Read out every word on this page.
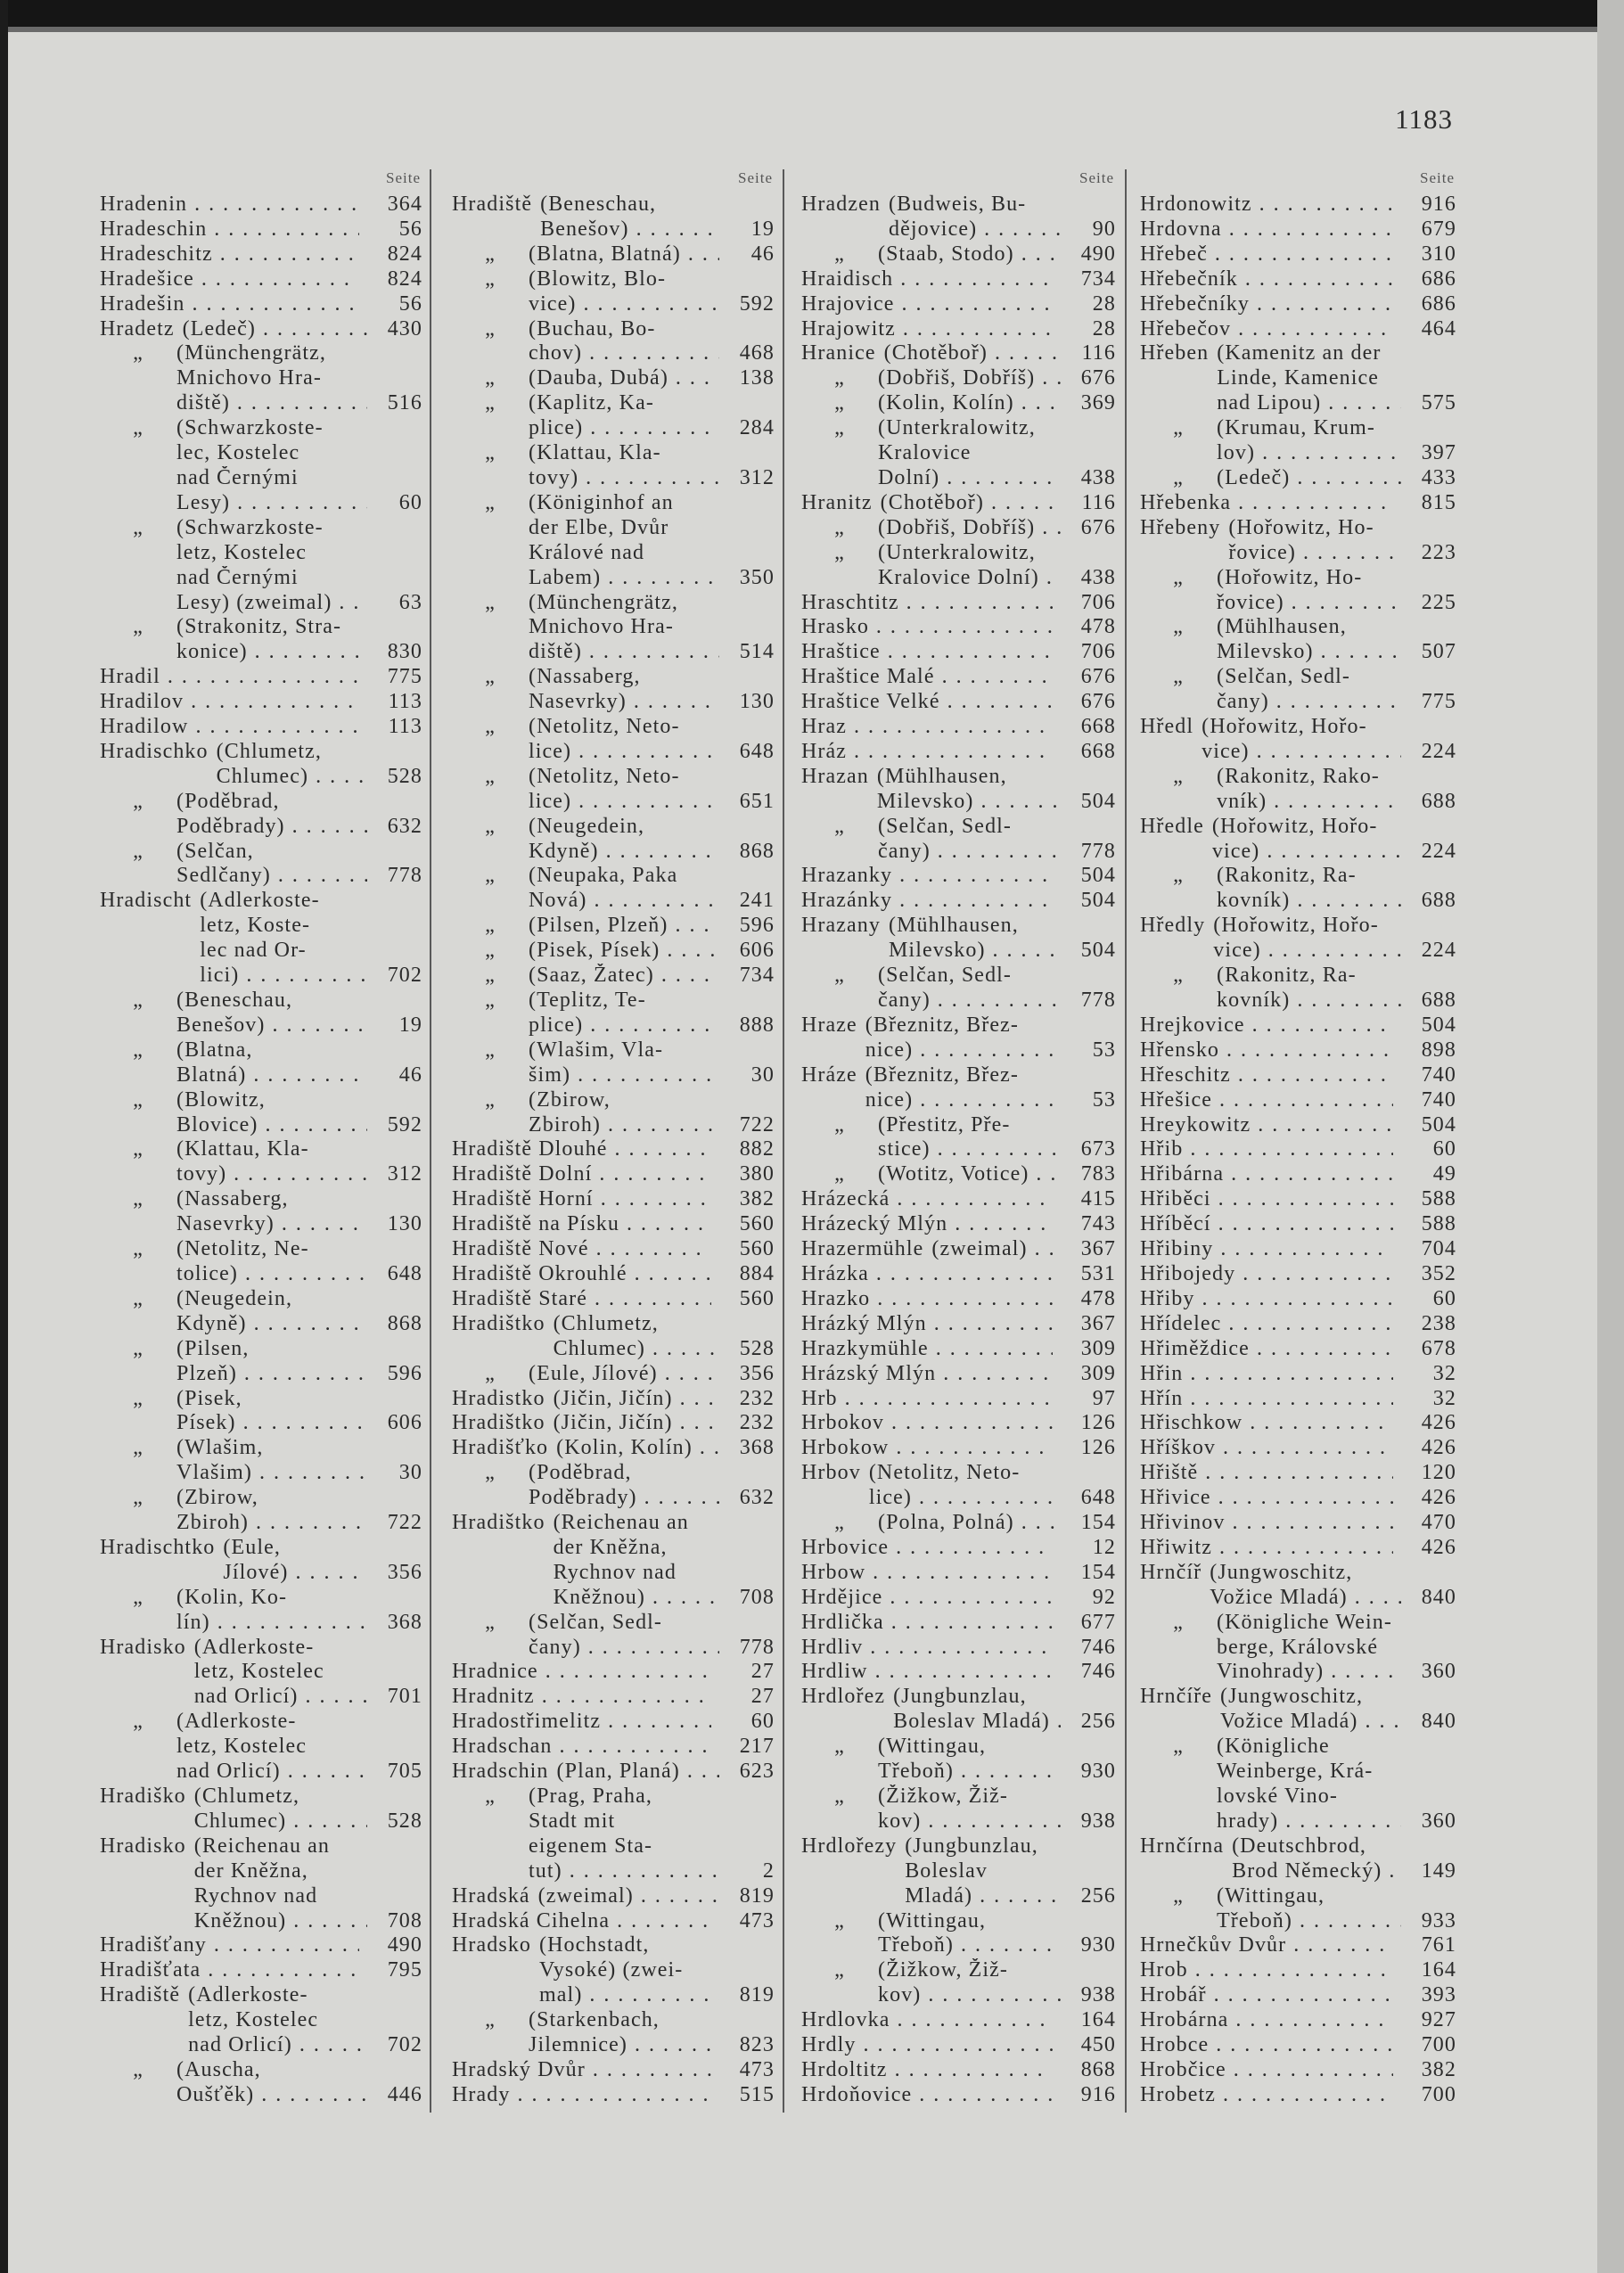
1183
Seite
Hradenin . . .	364
Hradeschin . . .	56
Hradeschitz . . .	824
Hradešice . . .	824
Hradešin . . .	56
Hradetz (Ledeč) . . .	430
„	(Münchengrätz,
Mnichovo Hra-
diště) . . .	516
„	(Schwarzkoste-
lec, Kostelec
nad Černými
Lesy) . . .	60
„	(Schwarzkoste-
letz, Kostelec
nad Černými
Lesy) (zweimal) . . .	63
„	(Strakonitz, Stra-
konice) . . .	830
Hradil . . .	775
Hradilov . . .	113
Hradilow . . .	113
Hradischko (Chlumetz,
Chlumec) . . .	528
„	(Poděbrad,
Poděbrady) . . .	632
„	(Selčan,
Sedlčany) . . .	778
Hradischt (Adlerkoste-
letz, Koste-
lec nad Or-
lici) . . .	702
„	(Beneschau,
Benešov) . . .	19
„	(Blatna,
Blatná) . . .	46
„	(Blowitz,
Blovice) . . .	592
„	(Klattau, Kla-
tovy) . . .	312
„	(Nassaberg,
Nasevrky) . . .	130
„	(Netolitz, Ne-
tolice) . . .	648
„	(Neugedein,
Kdyně) . . .	868
„	(Pilsen,
Plzeň) . . .	596
„	(Pisek,
Písek) . . .	606
„	(Wlašim,
Vlašim) . . .	30
„	(Zbirow,
Zbiroh) . . .	722
Hradischtko (Eule,
Jílové) . . .	356
„	(Kolin, Ko-
lín) . . .	368
Hradisko (Adlerkoste-
letz, Kostelec
nad Orlicí) . . .	701
„	(Adlerkoste-
letz, Kostelec
nad Orlicí) . . .	705
Hradiško (Chlumetz,
Chlumec) . . .	528
Hradisko (Reichenau an
der Kněžna,
Rychnov nad
Kněžnou) . . .	708
Hradišťany . . .	490
Hradišťata . . .	795
Hradiště (Adlerkoste-
letz, Kostelec
nad Orlicí) . . .	702
„	(Auscha,
Oušťěk) . . .	446
Seite
Hradiště (Beneschau,
Benešov) . . .	19
„	(Blatna, Blatná) . . .	46
„	(Blowitz, Blo-
vice) . . .	592
„	(Buchau, Bo-
chov) . . .	468
„	(Dauba, Dubá) . . .	138
„	(Kaplitz, Ka-
plice) . . .	284
„	(Klattau, Kla-
tovy) . . .	312
„	(Königinhof an
der Elbe, Dvůr
Králové nad
Labem) . . .	350
„	(Münchengrätz,
Mnichovo Hra-
diště) . . .	514
„	(Nassaberg,
Nasevrky) . . .	130
„	(Netolitz, Neto-
lice) . . .	648
„	(Netolitz, Neto-
lice) . . .	651
„	(Neugedein,
Kdyně) . . .	868
„	(Neupaka, Paka
Nová) . . .	241
„	(Pilsen, Plzeň) . . .	596
„	(Pisek, Písek) . . .	606
„	(Saaz, Žatec) . . .	734
„	(Teplitz, Te-
plice) . . .	888
„	(Wlašim, Vla-
šim) . . .	30
„	(Zbirow,
Zbiroh) . . .	722
Hradiště Dlouhé . . .	882
Hradiště Dolní . . .	380
Hradiště Horní . . .	382
Hradiště na Písku . . .	560
Hradiště Nové . . .	560
Hradiště Okrouhlé . . .	884
Hradiště Staré . . .	560
Hradištko (Chlumetz,
Chlumec) . . .	528
„	(Eule, Jílové) . . .	356
Hradistko (Jičin, Jičín) . . .	232
Hradištko (Jičin, Jičín) . . .	232
Hradišťko (Kolin, Kolín) . . .	368
„	(Poděbrad,
Poděbrady) . . .	632
Hradištko (Reichenau an
der Kněžna,
Rychnov nad
Kněžnou) . . .	708
„	(Selčan, Sedl-
čany) . . .	778
Hradnice . . .	27
Hradnitz . . .	27
Hradostřimelitz . . .	60
Hradschan . . .	217
Hradschin (Plan, Planá) . . .	623
„	(Prag, Praha,
Stadt mit
eigenem Sta-
tut) . . .	2
Hradská (zweimal) . . .	819
Hradská Cihelna . . .	473
Hradsko (Hochstadt,
Vysoké) (zwei-
mal) . . .	819
„	(Starkenbach,
Jilemnice) . . .	823
Hradský Dvůr . . .	473
Hrady . . .	515
Seite
Hradzen (Budweis, Bu-
dějovice) . . .	90
„	(Staab, Stodo) . . .	490
Hraidisch . . .	734
Hrajovice . . .	28
Hrajowitz . . .	28
Hranice (Chotěboř) . . .	116
„	(Dobřiš, Dobříš) . . .	676
„	(Kolin, Kolín) . . .	369
„	(Unterkralowitz,
Kralovice
Dolní) . . .	438
Hranitz (Chotěboř) . . .	116
„	(Dobřiš, Dobříš) . . .	676
„	(Unterkralowitz,
Kralovice Dolní) . . .	438
Hraschtitz . . .	706
Hrasko . . .	478
Hraštice . . .	706
Hraštice Malé . . .	676
Hraštice Velké . . .	676
Hraz . . .	668
Hráz . . .	668
Hrazan (Mühlhausen,
Milevsko) . . .	504
„	(Selčan, Sedl-
čany) . . .	778
Hrazanky . . .	504
Hrazánky . . .	504
Hrazany (Mühlhausen,
Milevsko) . . .	504
„	(Selčan, Sedl-
čany) . . .	778
Hraze (Březnitz, Břez-
nice) . . .	53
Hráze (Březnitz, Břez-
nice) . . .	53
„	(Přestitz, Pře-
stice) . . .	673
„	(Wotitz, Votice) . . .	783
Hrázecká . . .	415
Hrázecký Mlýn . . .	743
Hrazermühle (zweimal) . . .	367
Hrázka . . .	531
Hrazko . . .	478
Hrázký Mlýn . . .	367
Hrazkymühle . . .	309
Hrázský Mlýn . . .	309
Hrb . . .	97
Hrbokov . . .	126
Hrbokow . . .	126
Hrbov (Netolitz, Neto-
lice) . . .	648
„	(Polna, Polná) . . .	154
Hrbovice . . .	12
Hrbow . . .	154
Hrdějice . . .	92
Hrdlička . . .	677
Hrdliv . . .	746
Hrdliw . . .	746
Hrdlořez (Jungbunzlau,
Boleslav Mladá) . . .	256
„	(Wittingau,
Třeboň) . . .	930
„	(Žižkow, Žiž-
kov) . . .	938
Hrdlořezy (Jungbunzlau,
Boleslav
Mladá) . . .	256
„	(Wittingau,
Třeboň) . . .	930
„	(Žižkow, Žiž-
kov) . . .	938
Hrdlovka . . .	164
Hrdly . . .	450
Hrdoltitz . . .	868
Hrdoňovice . . .	916
Seite
Hrdonowitz . . .	916
Hrdovna . . .	679
Hřebeč . . .	310
Hřebečník . . .	686
Hřebečníky . . .	686
Hřebečov . . .	464
Hřeben (Kamenitz an der
Linde, Kamenice
nad Lipou) . . .	575
„	(Krumau, Krum-
lov) . . .	397
„	(Ledeč) . . .	433
Hřebenka . . .	815
Hřebeny (Hořowitz, Ho-
řovice) . . .	223
„	(Hořowitz, Ho-
řovice) . . .	225
„	(Mühlhausen,
Milevsko) . . .	507
„	(Selčan, Sedl-
čany) . . .	775
Hředl (Hořowitz, Hořo-
vice) . . .	224
„	(Rakonitz, Rako-
vník) . . .	688
Hředle (Hořowitz, Hořo-
vice) . . .	224
„	(Rakonitz, Ra-
kovník) . . .	688
Hředly (Hořowitz, Hořo-
vice) . . .	224
„	(Rakonitz, Ra-
kovník) . . .	688
Hrejkovice . . .	504
Hřensko . . .	898
Hřeschitz . . .	740
Hřešice . . .	740
Hreykowitz . . .	504
Hřib . . .	60
Hřibárna . . .	49
Hřiběci . . .	588
Hříběcí . . .	588
Hřibiny . . .	704
Hřibojedy . . .	352
Hřiby . . .	60
Hřídelec . . .	238
Hřiměždice . . .	678
Hřin . . .	32
Hřín . . .	32
Hřischkow . . .	426
Hříškov . . .	426
Hřiště . . .	120
Hřivice . . .	426
Hřivinov . . .	470
Hřiwitz . . .	426
Hrnčíř (Jungwoschitz,
Vožice Mladá) . . .	840
„	(Königliche Wein-
berge, Královské
Vinohrady) . . .	360
Hrnčíře (Jungwoschitz,
Vožice Mladá) . . .	840
„	(Königliche
Weinberge, Krá-
lovské Vino-
hrady) . . .	360
Hrnčírna (Deutschbrod,
Brod Německý) . . .	149
„	(Wittingau,
Třeboň) . . .	933
Hrnečkův Dvůr . . .	761
Hrob . . .	164
Hrobář . . .	393
Hrobárna . . .	927
Hrobce . . .	700
Hrobčice . . .	382
Hrobetz . . .	700
